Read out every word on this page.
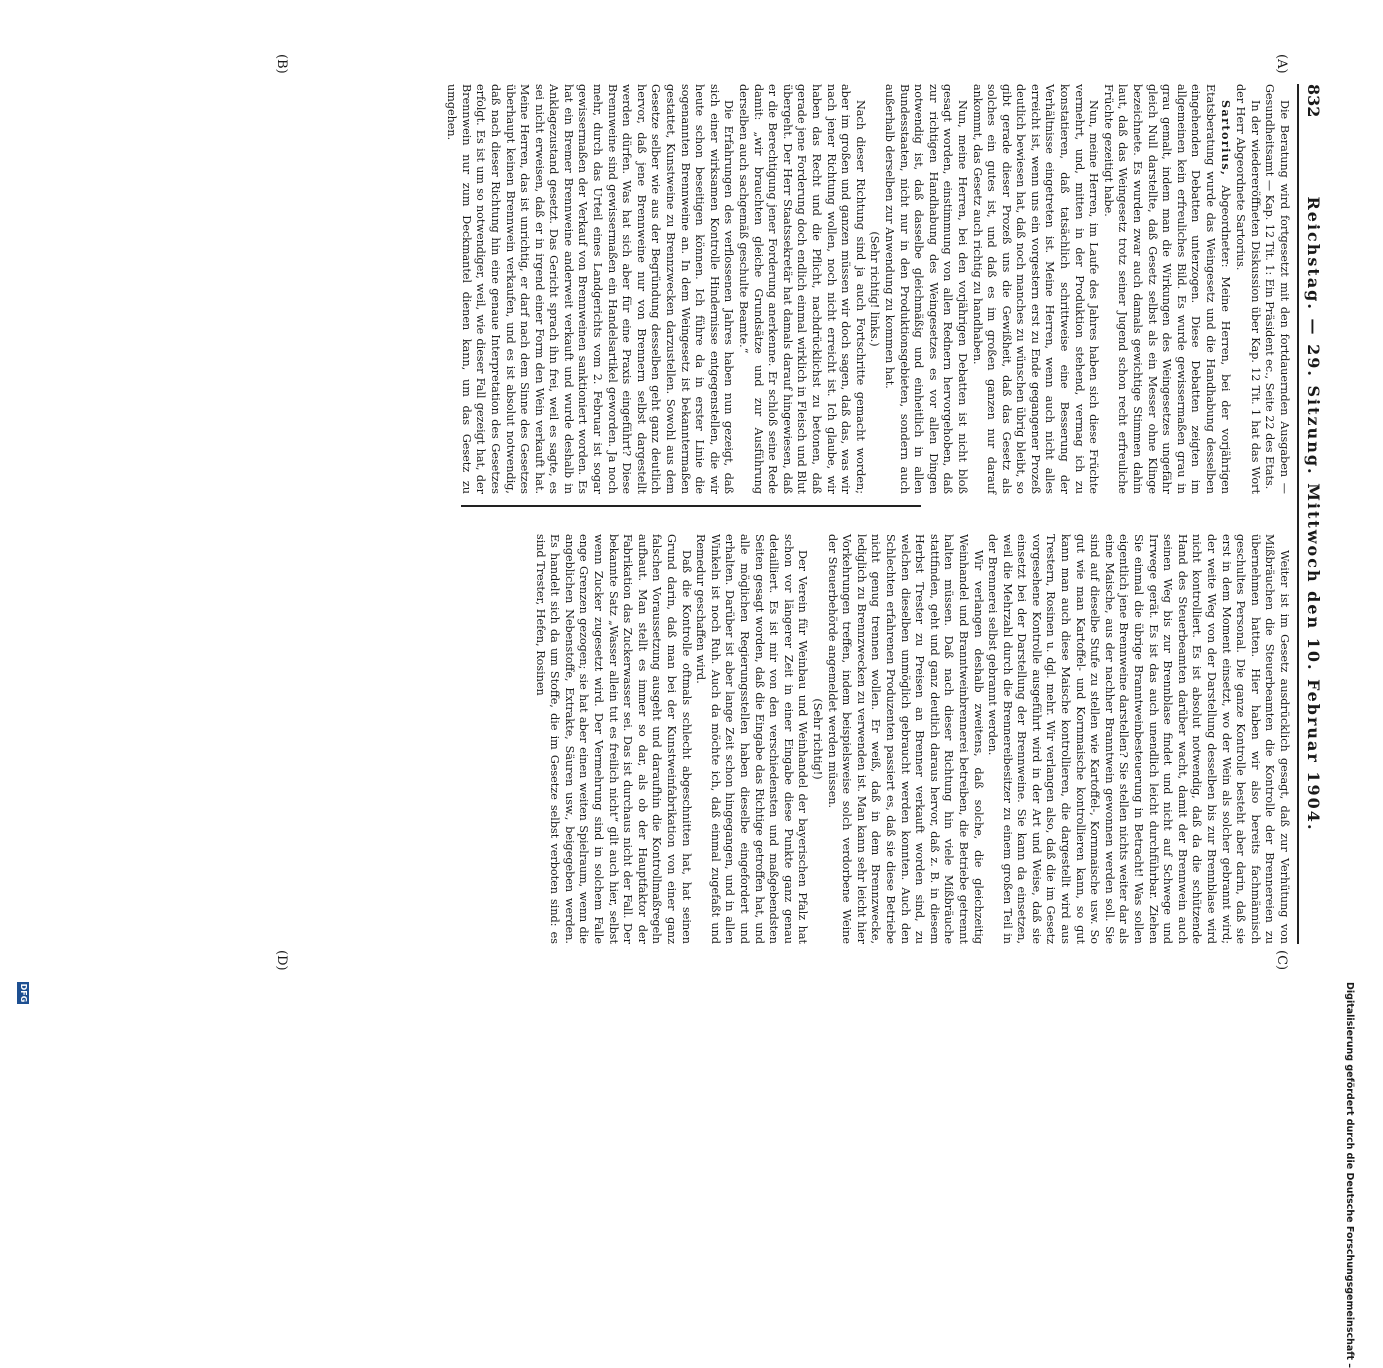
832
Reichstag. — 29. Sitzung. Mittwoch den 10. Februar 1904.
(A)
(B)
(C)
(D)

Die Beratung wird fortgesetzt mit den fortdauernden Ausgaben — Gesundheitsamt — Kap. 12 Tit. 1: Ein Präsident ec., Seite 22 des Etats.

In der wiedereröffneten Diskussion über Kap. 12 Tit. 1 hat das Wort der Herr Abgeordnete Sartorius.

Sartorius, Abgeordneter: Meine Herren, bei der vorjährigen Etatsberatung wurde das Weingesetz und die Handhabung desselben eingehenden Debatten unterzogen. Diese Debatten zeigten im allgemeinen kein erfreuliches Bild. Es wurde gewissermaßen grau in grau gemalt, indem man die Wirkungen des Weingesetzes ungefähr gleich Null darstellte, daß Gesetz selbst als ein Messer ohne Klinge bezeichnete. Es wurden zwar auch damals gewichtige Stimmen dahin laut, daß das Weingesetz trotz seiner Jugend schon recht erfreuliche Früchte gezeitigt habe.

Nun, meine Herren, im Laufe des Jahres haben sich diese Früchte vermehrt, und, mitten in der Produktion stehend, vermag ich zu konstatieren, daß tatsächlich schrittweise eine Besserung der Verhältnisse eingetreten ist. Meine Herren, wenn auch nicht alles erreicht ist, wenn uns ein vorgestern erst zu Ende gegangener Prozeß deutlich bewiesen hat, daß noch manches zu wünschen übrig bleibt, so gibt gerade dieser Prozeß uns die Gewißheit, daß das Gesetz als solches ein gutes ist, und daß es im großen ganzen nur darauf ankommt, das Gesetz auch richtig zu handhaben.

Nun, meine Herren, bei den vorjährigen Debatten ist nicht bloß gesagt worden, einstimmung von allen Rednern hervorgehoben, daß zur richtigen Handhabung des Weingesetzes es vor allen Dingen notwendig ist, daß dasselbe gleichmäßig und einheitlich in allen Bundesstaaten, nicht nur in den Produktionsgebieten, sondern auch außerhalb derselben zur Anwendung zu kommen hat.

(Sehr richtig! links.)

Nach dieser Richtung sind ja auch Fortschritte gemacht worden; aber im großen und ganzen müssen wir doch sagen, daß das, was wir nach jener Richtung wollen, noch nicht erreicht ist. Ich glaube, wir haben das Recht und die Pflicht, nachdrücklichst zu betonen, daß gerade jene Forderung doch endlich einmal wirklich in Fleisch und Blut übergeht. Der Herr Staatssekretär hat damals darauf hingewiesen, daß er die Berechtigung jener Forderung anerkenne. Er schloß seine Rede damit: „wir brauchten gleiche Grundsätze und zur Ausführung derselben auch sachgemäß geschulte Beamte.“

Die Erfahrungen des verflossenen Jahres haben nun gezeigt, daß sich einer wirksamen Kontrolle Hindernisse entgegenstellen, die wir heute schon beseitigen können. Ich führe da in erster Linie die sogenannten Brennweine an. In dem Weingesetz ist bekanntermaßen gestattet, Kunstweine zu Brennzwecken darzustellen. Sowohl aus dem Gesetze selber wie aus der Begründung desselben geht ganz deutlich hervor, daß jene Brennweine nur von Brennern selbst dargestellt werden dürfen. Was hat sich aber für eine Praxis eingeführt? Diese Brennweine sind gewissermaßen ein Handelsartikel geworden. Ja noch mehr, durch das Urteil eines Landgerichts vom 2. Februar ist sogar gewissermaßen der Verkauf von Brennweinen sanktioniert worden. Es hat ein Bremer Brennweine anderweit verkauft und wurde deshalb in Anklagezustand gesetzt. Das Gericht sprach ihn frei, weil es sagte, es sei nicht erweisen, daß er in irgend einer Form den Wein verkauft hat. Meine Herren, das ist unrichtig, er darf nach dem Sinne des Gesetzes überhaupt keinen Brennwein verkaufen, und es ist absolut notwendig, daß nach dieser Richtung hin eine genaue Interpretation des Gesetzes erfolgt. Es ist um so notwendiger, weil, wie dieser Fall gezeigt hat, der Brennwein nur zum Deckmantel dienen kann, um das Gesetz zu umgehen.

Weiter ist im Gesetz ausdrücklich gesagt, daß zur Verhütung von Mißbräuchen die Steuerbeamten die Kontrolle der Brennereien zu übernehmen hatten. Hier haben wir also bereits fachmännisch geschultes Personal. Die ganze Kontrolle besteht aber darin, daß sie erst in dem Moment einsetzt, wo der Wein als solcher gebrannt wird; der weite Weg von der Darstellung desselben bis zur Brennblase wird nicht kontrolliert. Es ist absolut notwendig, daß da die schützende Hand des Steuerbeamten darüber wacht, damit der Brennwein auch seinen Weg bis zur Brennblase findet und nicht auf Schwege und Irrwege gerät. Es ist das auch unendlich leicht durchführbar. Ziehen Sie einmal die übrige Branntweinbesteuerung in Betracht! Was sollen eigentlich jene Brennweine darstellen? Sie stellen nichts weiter dar als eine Maische, aus der nachher Branntwein gewonnen werden soll. Sie sind auf dieselbe Stufe zu stellen wie Kartoffel-, Kornmaische usw. So gut wie man Kartoffel- und Kornmaische kontrollieren kann, so gut kann man auch diese Maische kontrollieren, die dargestellt wird aus Trestern, Rosinen u. dgl. mehr. Wir verlangen also, daß die im Gesetz vorgesehene Kontrolle ausgeführt wird in der Art und Weise, daß sie einsetzt bei der Darstellung der Brennweine. Sie kann da einsetzen, weil die Mehrzahl durch die Brennereibesitzer zu einem großen Teil in der Brennerei selbst gebrannt werden.

Wir verlangen deshalb zweitens, daß solche, die gleichzeitig Weinhandel und Branntweinbrennerei betreiben, die Betriebe getrennt halten müssen. Daß nach dieser Richtung hin viele Mißbräuche stattfinden, geht und ganz deutlich daraus hervor, daß z. B. in diesem Herbst Trester zu Preisen an Brenner verkauft worden sind, zu welchen dieselben unmöglich gebraucht werden konnten. Auch den Schlechten erfahrenen Produzenten passiert es, daß sie diese Betriebe nicht genug trennen wollen. Er weiß, daß in dem Brennzwecke, lediglich zu Brennzwecken zu verwenden ist. Man kann sehr leicht hier Vorkehrungen treffen, indem beispielsweise solch verdorbene Weine der Steuerbehörde angemeldet werden müssen.

(Sehr richtig!)

Der Verein für Weinbau und Weinhandel der bayerischen Pfalz hat schon vor längerer Zeit in einer Eingabe diese Punkte ganz genau detailliert. Es ist mir von den verschiedensten und maßgebendsten Seiten gesagt worden, daß die Eingabe das Richtige getroffen hat, und alle möglichen Regierungsstellen haben dieselbe eingefordert und erhalten. Darüber ist aber lange Zeit schon hingegangen, und in allen Winkeln ist noch Ruh. Auch da möchte ich, daß einmal zugefaßt und Remedur geschaffen wird.

Daß die Kontrolle oftmals schlecht abgeschnitten hat, hat seinen Grund darin, daß man bei der Kunstweinfabrikation von einer ganz falschen Voraussetzung ausgeht und daraufhin die Kontrollmaßregeln aufbaut. Man stellt es immer so dar, als ob der Hauptfaktor der Fabrikation das Zuckerwasser sei. Das ist durchaus nicht der Fall. Der bekannte Satz „Wasser allein tut es freilich nicht“ gilt auch hier, selbst wenn Zucker zugesetzt wird. Der Vermehrung sind in solchem Falle enge Grenzen gezogen; sie hat aber einen weiten Spielraum, wenn die angeblichen Nebenstoffe, Extrakte, Säuren usw., beigegeben werden. Es handelt sich da um Stoffe, die im Gesetze selbst verboten sind: es sind Trester, Hefen, Rosinen

Digitalisierung gefördert durch die Deutsche Forschungsgemeinschaft –
DFG
